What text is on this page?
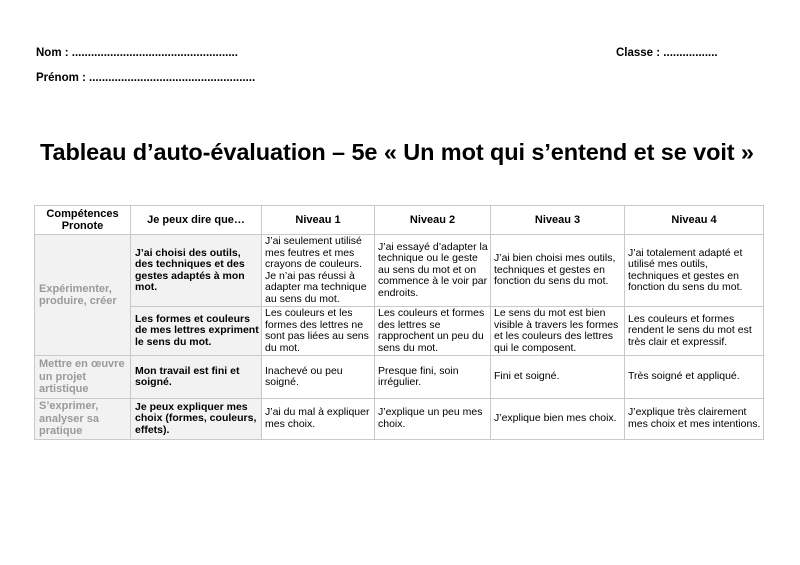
Nom : ....................................................
Prénom : ....................................................
Classe : .................
Tableau d’auto-évaluation – 5e « Un mot qui s’entend et se voit »
Compétences Pronote	Je peux dire que…	Niveau 1	Niveau 2	Niveau 3	Niveau 4
Expérimenter, produire, créer	J’ai choisi des outils, des techniques et des gestes adaptés à mon mot.	J’ai seulement utilisé mes feutres et mes crayons de couleurs. Je n’ai pas réussi à adapter ma technique au sens du mot.	J’ai essayé d’adapter la technique ou le geste au sens du mot et on commence à le voir par endroits.	J’ai bien choisi mes outils, techniques et gestes en fonction du sens du mot.	J’ai totalement adapté et utilisé mes outils, techniques et gestes en fonction du sens du mot.
	Les formes et couleurs de mes lettres expriment le sens du mot.	Les couleurs et les formes des lettres ne sont pas liées au sens du mot.	Les couleurs et formes des lettres se rapprochent un peu du sens du mot.	Le sens du mot est bien visible à travers les formes et les couleurs des lettres qui le composent.	Les couleurs et formes rendent le sens du mot est très clair et expressif.
Mettre en œuvre un projet artistique	Mon travail est fini et soigné.	Inachevé ou peu soigné.	Presque fini, soin irrégulier.	Fini et soigné.	Très soigné et appliqué.
S’exprimer, analyser sa pratique	Je peux expliquer mes choix (formes, couleurs, effets).	J’ai du mal à expliquer mes choix.	J’explique un peu mes choix.	J’explique bien mes choix.	J’explique très clairement mes choix et mes intentions.
